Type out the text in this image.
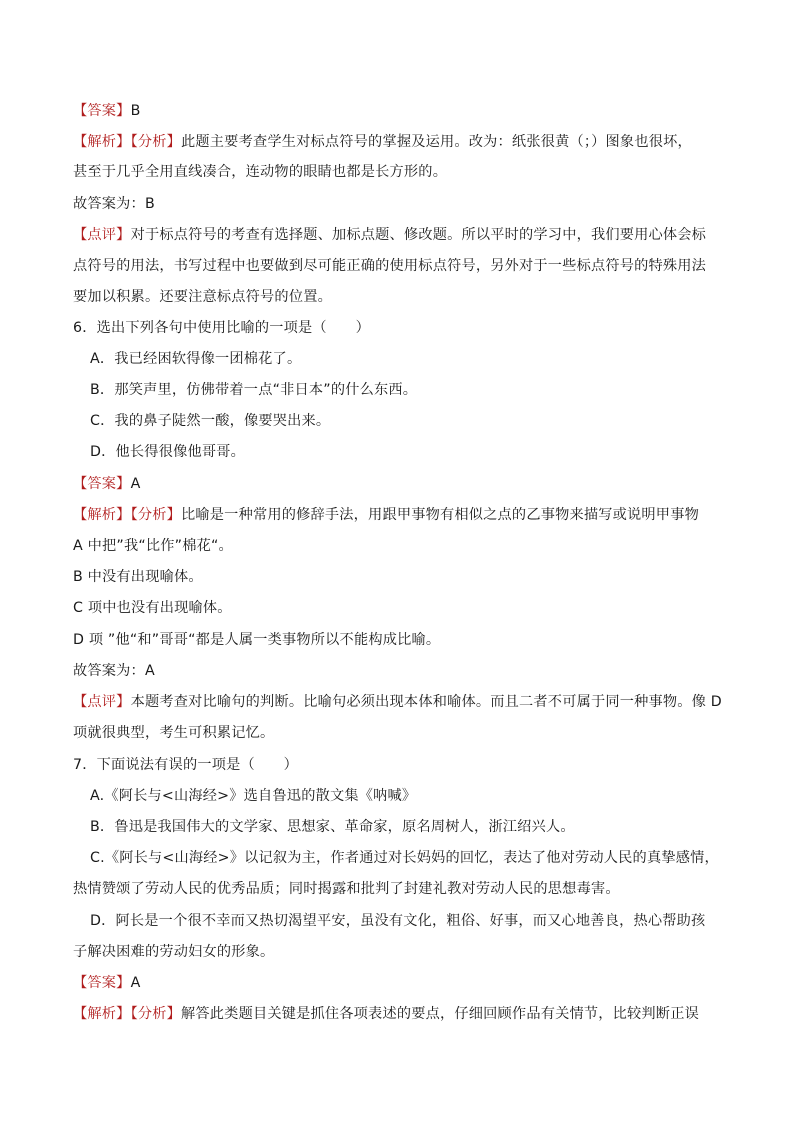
【答案】B
【解析】【分析】此题主要考查学生对标点符号的掌握及运用。改为：纸张很黄（；）图象也很坏，
甚至于几乎全用直线凑合，连动物的眼睛也都是长方形的。
故答案为：B
【点评】对于标点符号的考查有选择题、加标点题、修改题。所以平时的学习中，我们要用心体会标
点符号的用法，书写过程中也要做到尽可能正确的使用标点符号，另外对于一些标点符号的特殊用法
要加以积累。还要注意标点符号的位置。
6．选出下列各句中使用比喻的一项是（　　）
A．我已经困软得像一团棉花了。
B．那笑声里，仿佛带着一点“非日本”的什么东西。
C．我的鼻子陡然一酸，像要哭出来。
D．他长得很像他哥哥。
【答案】A
【解析】【分析】比喻是一种常用的修辞手法，用跟甲事物有相似之点的乙事物来描写或说明甲事物
A 中把”我“比作”棉花“。
B 中没有出现喻体。
C 项中也没有出现喻体。
D 项 ”他“和”哥哥“都是人属一类事物所以不能构成比喻。
故答案为：A
【点评】本题考查对比喻句的判断。比喻句必须出现本体和喻体。而且二者不可属于同一种事物。像 D
项就很典型，考生可积累记忆。
7．下面说法有误的一项是（　　）
A.《阿长与<山海经>》选自鲁迅的散文集《呐喊》
B．鲁迅是我国伟大的文学家、思想家、革命家，原名周树人，浙江绍兴人。
C.《阿长与<山海经>》以记叙为主，作者通过对长妈妈的回忆，表达了他对劳动人民的真挚感情，
热情赞颂了劳动人民的优秀品质；同时揭露和批判了封建礼教对劳动人民的思想毒害。
D．阿长是一个很不幸而又热切渴望平安，虽没有文化，粗俗、好事，而又心地善良，热心帮助孩
子解决困难的劳动妇女的形象。
【答案】A
【解析】【分析】解答此类题目关键是抓住各项表述的要点，仔细回顾作品有关情节，比较判断正误
